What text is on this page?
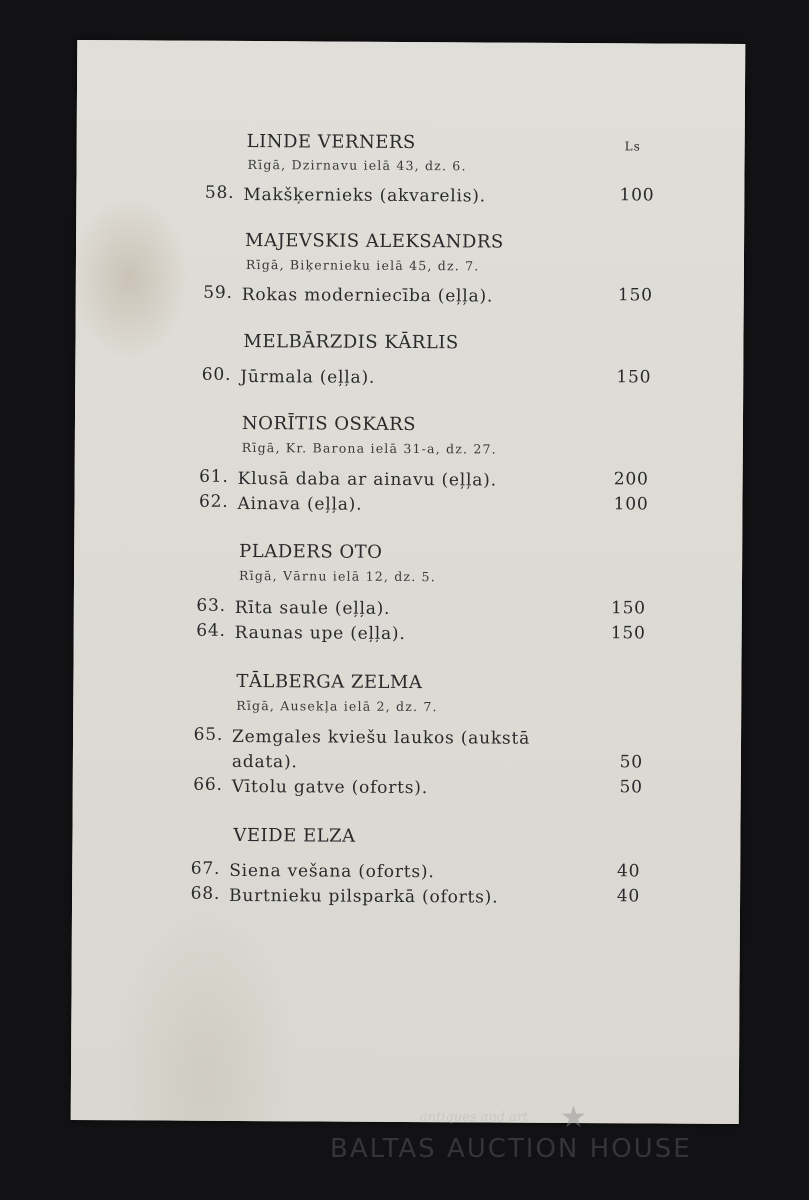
Ls
LINDE VERNERS
Rīgā, Dzirnavu ielā 43, dz. 6.
58. Makšķernieks (akvarelis).	100
MAJEVSKIS ALEKSANDRS
Rīgā, Biķernieku ielā 45, dz. 7.
59. Rokas moderniecība (eļļa).	150
MELBĀRZDIS KĀRLIS
60. Jūrmala (eļļa).	150
NORĪTIS OSKARS
Rīgā, Kr. Barona ielā 31-a, dz. 27.
61. Klusā daba ar ainavu (eļļa).	200
62. Ainava (eļļa).	100
PLADERS OTO
Rīgā, Vārnu ielā 12, dz. 5.
63. Rīta saule (eļļa).	150
64. Raunas upe (eļļa).	150
TĀLBERGA ZELMA
Rīgā, Ausekļa ielā 2, dz. 7.
65. Zemgales kviešu laukos (aukstā adata).	50
66. Vītolu gatve (oforts).	50
VEIDE ELZA
67. Siena vešana (oforts).	40
68. Burtnieku pilsparkā (oforts).	40
antiques and art ★
BALTAS AUCTION HOUSE
